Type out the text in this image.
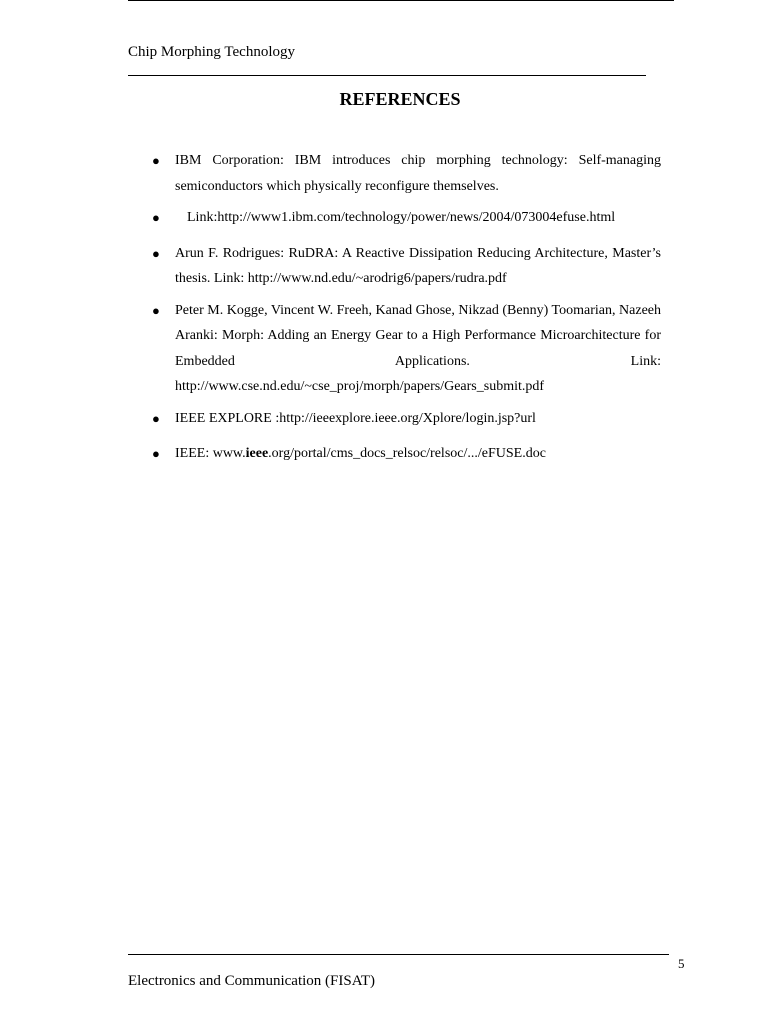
Chip Morphing Technology
REFERENCES
● IBM Corporation: IBM introduces chip morphing technology: Self-managing semiconductors which physically reconfigure themselves.
● Link:http://www1.ibm.com/technology/power/news/2004/073004efuse.html
● Arun F. Rodrigues: RuDRA: A Reactive Dissipation Reducing Architecture, Master’s thesis. Link: http://www.nd.edu/~arodrig6/papers/rudra.pdf
● Peter M. Kogge, Vincent W. Freeh, Kanad Ghose, Nikzad (Benny) Toomarian, Nazeeh Aranki: Morph: Adding an Energy Gear to a High Performance Microarchitecture for Embedded Applications. Link: http://www.cse.nd.edu/~cse_proj/morph/papers/Gears_submit.pdf
● IEEE EXPLORE :http://ieeexplore.ieee.org/Xplore/login.jsp?url
● IEEE: www.ieee.org/portal/cms_docs_relsoc/relsoc/.../eFUSE.doc
5
Electronics and Communication (FISAT)
